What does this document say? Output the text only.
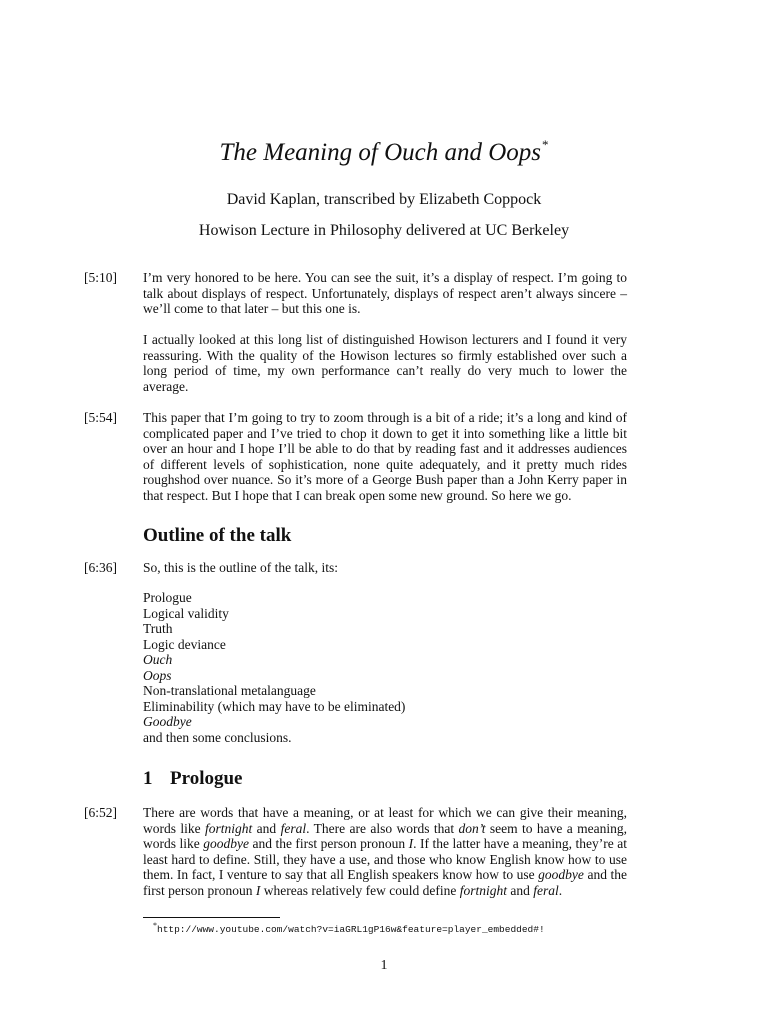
The Meaning of Ouch and Oops*
David Kaplan, transcribed by Elizabeth Coppock
Howison Lecture in Philosophy delivered at UC Berkeley
[5:10]	I’m very honored to be here. You can see the suit, it’s a display of respect. I’m going to talk about displays of respect. Unfortunately, displays of respect aren’t always sincere – we’ll come to that later – but this one is.
I actually looked at this long list of distinguished Howison lecturers and I found it very reassuring. With the quality of the Howison lectures so firmly established over such a long period of time, my own performance can’t really do very much to lower the average.
[5:54]	This paper that I’m going to try to zoom through is a bit of a ride; it’s a long and kind of complicated paper and I’ve tried to chop it down to get it into something like a little bit over an hour and I hope I’ll be able to do that by reading fast and it addresses audiences of different levels of sophistication, none quite adequately, and it pretty much rides roughshod over nuance. So it’s more of a George Bush paper than a John Kerry paper in that respect. But I hope that I can break open some new ground. So here we go.
Outline of the talk
[6:36]	So, this is the outline of the talk, its:
Prologue
Logical validity
Truth
Logic deviance
Ouch
Oops
Non-translational metalanguage
Eliminability (which may have to be eliminated)
Goodbye
and then some conclusions.
1 Prologue
[6:52]	There are words that have a meaning, or at least for which we can give their meaning, words like fortnight and feral. There are also words that don’t seem to have a meaning, words like goodbye and the first person pronoun I. If the latter have a meaning, they’re at least hard to define. Still, they have a use, and those who know English know how to use them. In fact, I venture to say that all English speakers know how to use goodbye and the first person pronoun I whereas relatively few could define fortnight and feral.
*http://www.youtube.com/watch?v=iaGRL1gP16w&feature=player_embedded#!
1
